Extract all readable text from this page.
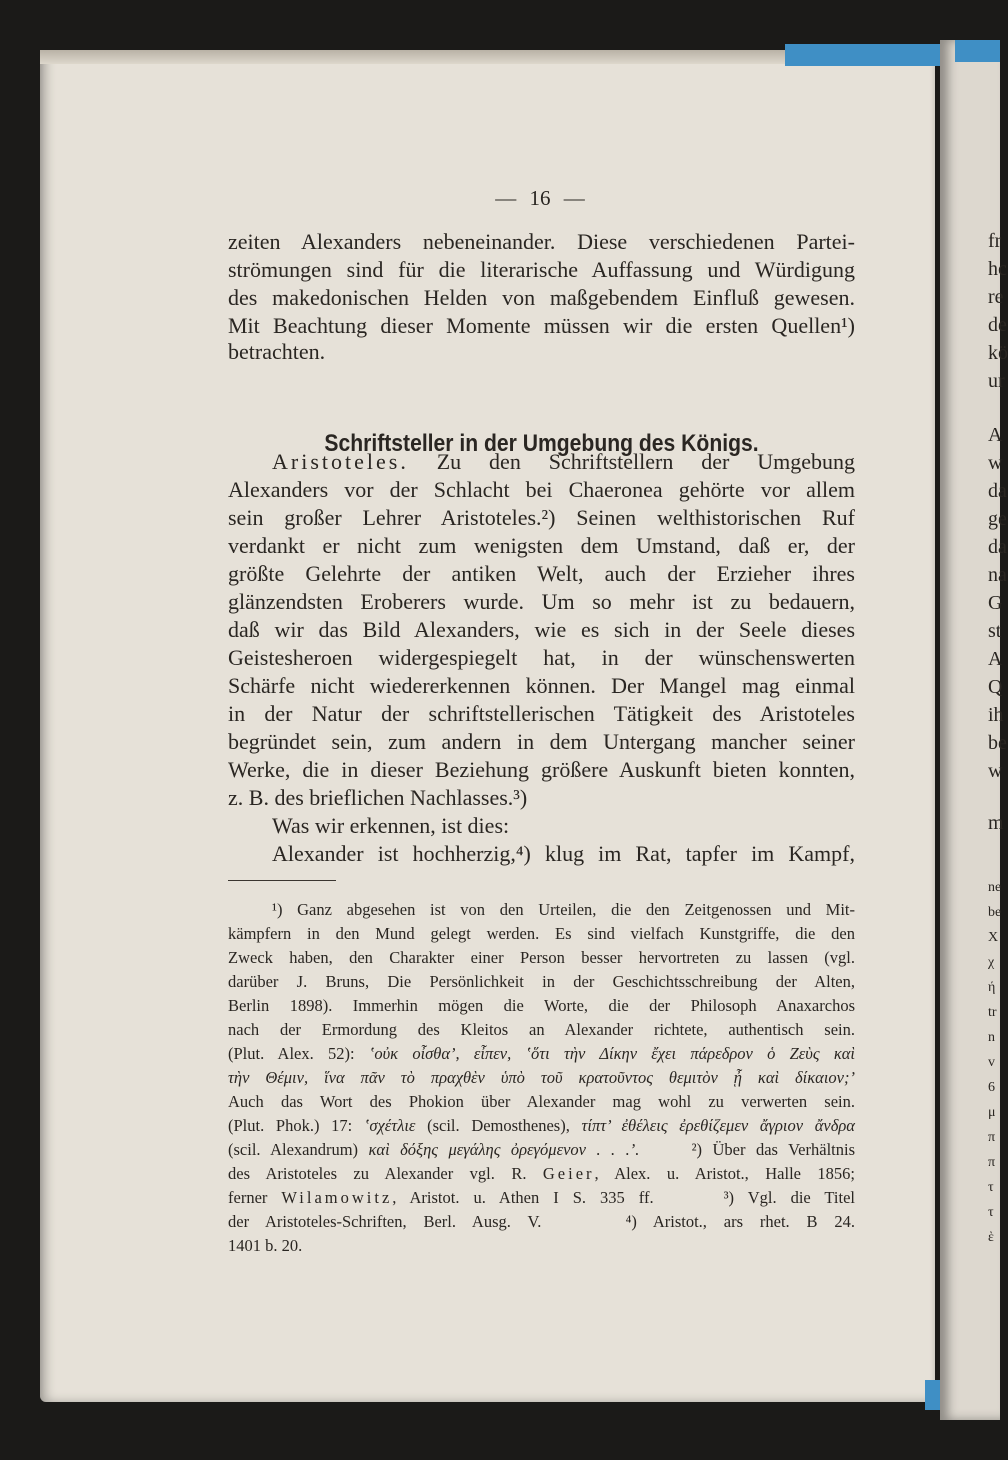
fr
hc
re
de
kö
ur
A
w
da
ge
da
na
G
st
A
Q
ih
be
w
m
ne
be
X
χ
ή
tr
n
v
6
μ
π
π
τ
τ
ὲ
— 16 —
zeiten Alexanders nebeneinander. Diese verschiedenen Partei-
strömungen sind für die literarische Auffassung und Würdigung
des makedonischen Helden von maßgebendem Einfluß gewesen.
Mit Beachtung dieser Momente müssen wir die ersten Quellen¹)
betrachten.
Schriftsteller in der Umgebung des Königs.
Aristoteles. Zu den Schriftstellern der Umgebung
Alexanders vor der Schlacht bei Chaeronea gehörte vor allem
sein großer Lehrer Aristoteles.²) Seinen welthistorischen Ruf
verdankt er nicht zum wenigsten dem Umstand, daß er, der
größte Gelehrte der antiken Welt, auch der Erzieher ihres
glänzendsten Eroberers wurde. Um so mehr ist zu bedauern,
daß wir das Bild Alexanders, wie es sich in der Seele dieses
Geistesheroen widergespiegelt hat, in der wünschenswerten
Schärfe nicht wiedererkennen können. Der Mangel mag einmal
in der Natur der schriftstellerischen Tätigkeit des Aristoteles
begründet sein, zum andern in dem Untergang mancher seiner
Werke, die in dieser Beziehung größere Auskunft bieten konnten,
z. B. des brieflichen Nachlasses.³)
Was wir erkennen, ist dies:
Alexander ist hochherzig,⁴) klug im Rat, tapfer im Kampf,
¹) Ganz abgesehen ist von den Urteilen, die den Zeitgenossen und Mit-
kämpfern in den Mund gelegt werden. Es sind vielfach Kunstgriffe, die den
Zweck haben, den Charakter einer Person besser hervortreten zu lassen (vgl.
darüber J. Bruns, Die Persönlichkeit in der Geschichtsschreibung der Alten,
Berlin 1898). Immerhin mögen die Worte, die der Philosoph Anaxarchos
nach der Ermordung des Kleitos an Alexander richtete, authentisch sein.
(Plut. Alex. 52): ʽοὐκ οἶσθα’, εἶπεν, ʽὅτι τὴν Δίκην ἔχει πάρεδρον ὁ Ζεὺς καὶ
τὴν Θέμιν, ἵνα πᾶν τὸ πραχθὲν ὑπὸ τοῦ κρατοῦντος θεμιτὸν ᾖ καὶ δίκαιον;’
Auch das Wort des Phokion über Alexander mag wohl zu verwerten sein.
(Plut. Phok.) 17: ʽσχέτλιε (scil. Demosthenes), τίπτ’ ἐθέλεις ἐρεθίζεμεν ἄγριον ἄνδρα
(scil. Alexandrum) καὶ δόξης μεγάλης ὀρεγόμενον . . .’.     ²) Über das Verhältnis
des Aristoteles zu Alexander vgl. R. Geier, Alex. u. Aristot., Halle 1856;
ferner Wilamowitz, Aristot. u. Athen I S. 335 ff.     ³) Vgl. die Titel
der Aristoteles-Schriften, Berl. Ausg. V.     ⁴) Aristot., ars rhet. B 24.
1401 b. 20.
